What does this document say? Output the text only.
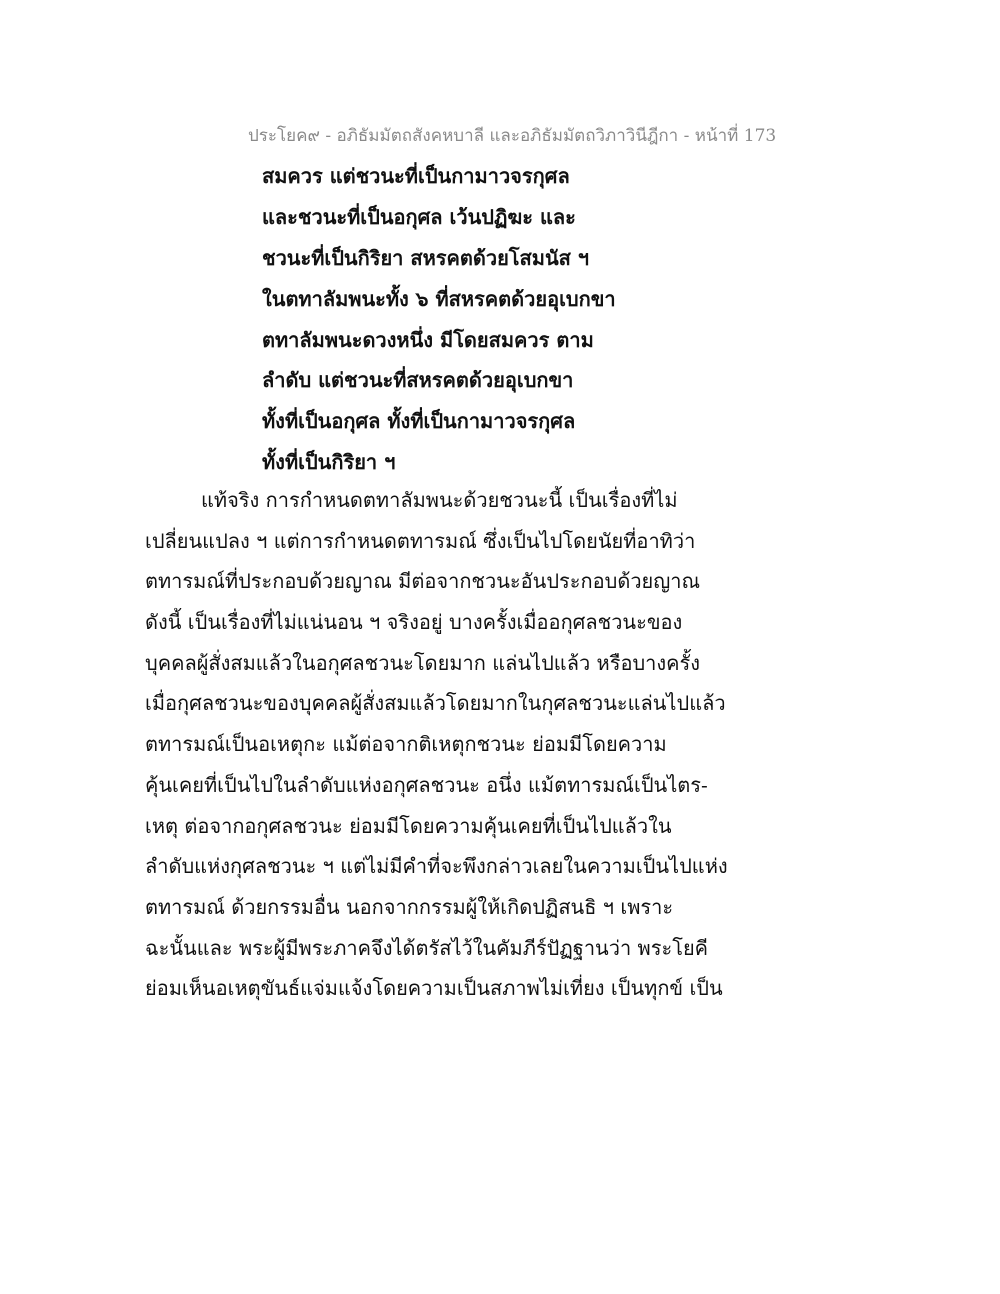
ประโยค๙ - อภิธัมมัตถสังคหบาลี และอภิธัมมัตถวิภาวินีฎีกา - หน้าที่ 173
สมควร แต่ชวนะที่เป็นกามาวจรกุศล
และชวนะที่เป็นอกุศล เว้นปฏิฆะ และ
ชวนะที่เป็นกิริยา สหรคตด้วยโสมนัส ฯ
ในตทาลัมพนะทั้ง ๖ ที่สหรคตด้วยอุเบกขา
ตทาลัมพนะดวงหนึ่ง มีโดยสมควร ตาม
ลำดับ แต่ชวนะที่สหรคตด้วยอุเบกขา
ทั้งที่เป็นอกุศล ทั้งที่เป็นกามาวจรกุศล
ทั้งที่เป็นกิริยา ฯ
แท้จริง การกำหนดตทาลัมพนะด้วยชวนะนี้ เป็นเรื่องที่ไม่
เปลี่ยนแปลง ฯ แต่การกำหนดตทารมณ์ ซึ่งเป็นไปโดยนัยที่อาทิว่า
ตทารมณ์ที่ประกอบด้วยญาณ มีต่อจากชวนะอันประกอบด้วยญาณ
ดังนี้ เป็นเรื่องที่ไม่แน่นอน ฯ จริงอยู่ บางครั้งเมื่ออกุศลชวนะของ
บุคคลผู้สั่งสมแล้วในอกุศลชวนะโดยมาก แล่นไปแล้ว หรือบางครั้ง
เมื่อกุศลชวนะของบุคคลผู้สั่งสมแล้วโดยมากในกุศลชวนะแล่นไปแล้ว
ตทารมณ์เป็นอเหตุกะ แม้ต่อจากติเหตุกชวนะ ย่อมมีโดยความ
คุ้นเคยที่เป็นไปในลำดับแห่งอกุศลชวนะ อนึ่ง แม้ตทารมณ์เป็นไตร-
เหตุ ต่อจากอกุศลชวนะ ย่อมมีโดยความคุ้นเคยที่เป็นไปแล้วใน
ลำดับแห่งกุศลชวนะ ฯ แต่ไม่มีคำที่จะพึงกล่าวเลยในความเป็นไปแห่ง
ตทารมณ์ ด้วยกรรมอื่น นอกจากกรรมผู้ให้เกิดปฏิสนธิ ฯ เพราะ
ฉะนั้นและ พระผู้มีพระภาคจึงได้ตรัสไว้ในคัมภีร์ปัฏฐานว่า พระโยคี
ย่อมเห็นอเหตุขันธ์แจ่มแจ้งโดยความเป็นสภาพไม่เที่ยง เป็นทุกข์ เป็น
